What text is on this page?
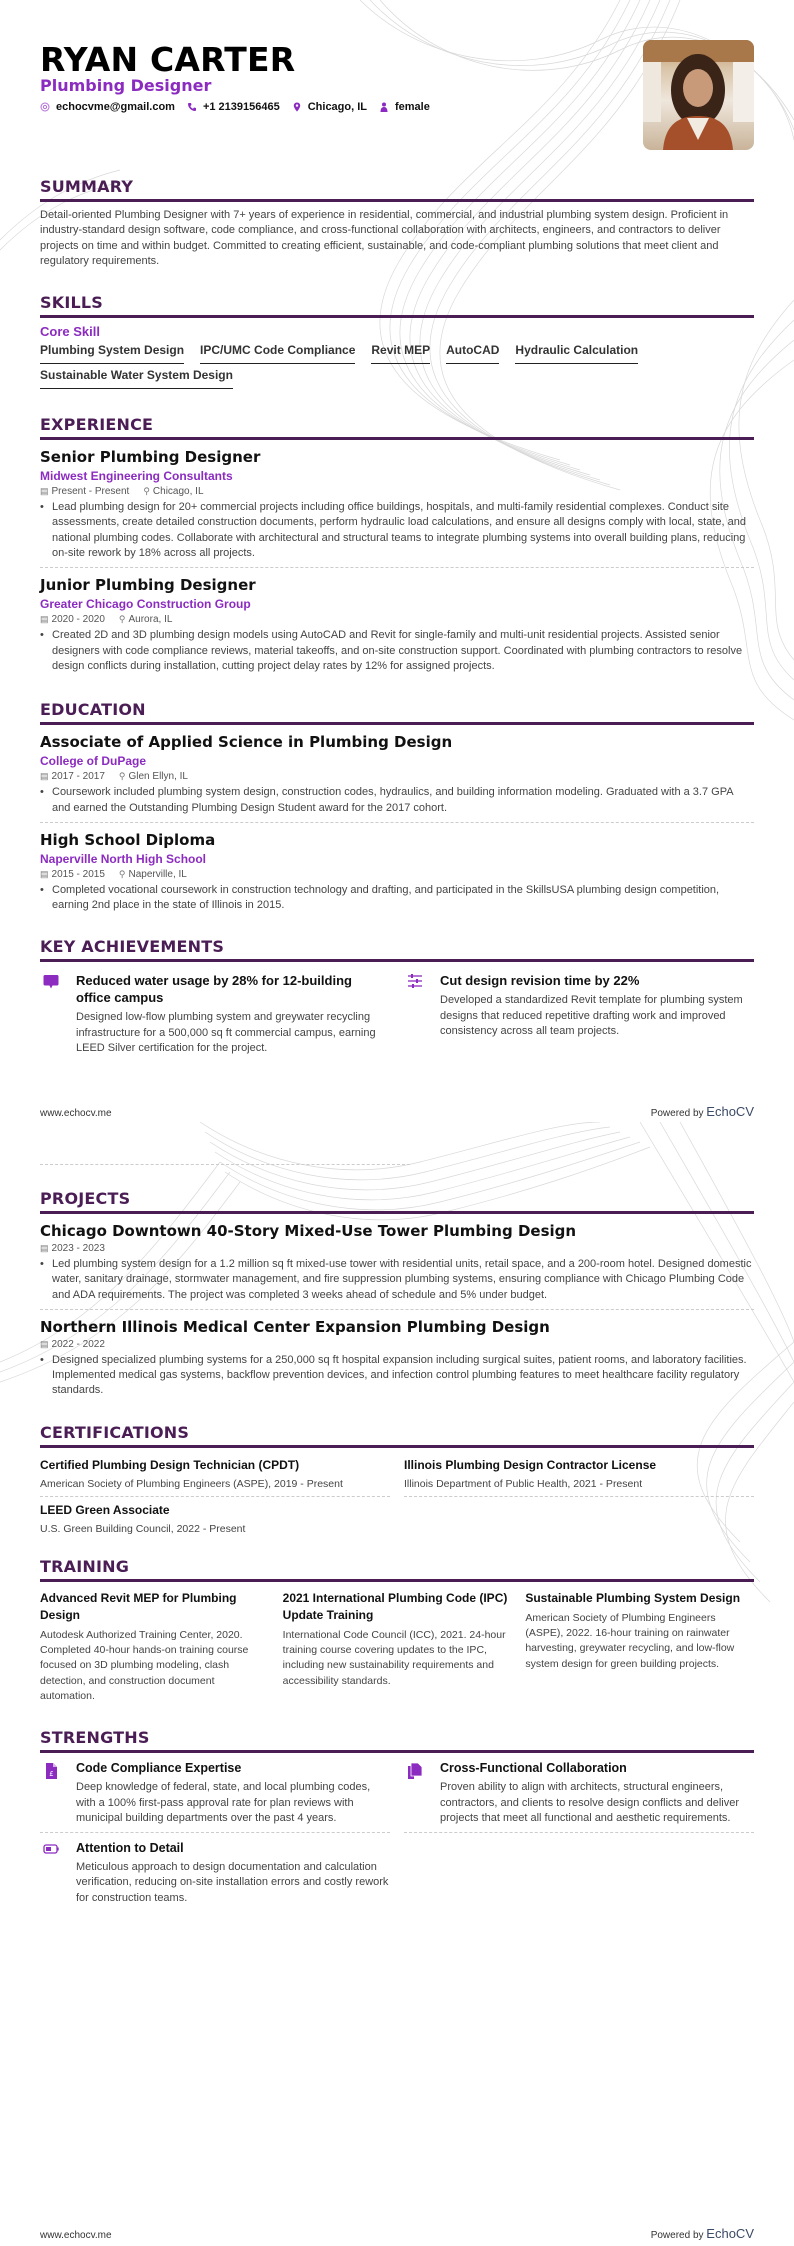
RYAN CARTER
Plumbing Designer
echocvme@gmail.com	+1 2139156465	Chicago, IL	female
SUMMARY
Detail-oriented Plumbing Designer with 7+ years of experience in residential, commercial, and industrial plumbing system design. Proficient in industry-standard design software, code compliance, and cross-functional collaboration with architects, engineers, and contractors to deliver projects on time and within budget. Committed to creating efficient, sustainable, and code-compliant plumbing solutions that meet client and regulatory requirements.
SKILLS
Core Skill
Plumbing System Design IPC/UMC Code Compliance Revit MEP AutoCAD Hydraulic Calculation
Sustainable Water System Design
EXPERIENCE
Senior Plumbing Designer
Midwest Engineering Consultants
▤ Present - Present ⚲ Chicago, IL
• Lead plumbing design for 20+ commercial projects including office buildings, hospitals, and multi-family residential complexes. Conduct site assessments, create detailed construction documents, perform hydraulic load calculations, and ensure all designs comply with local, state, and national plumbing codes. Collaborate with architectural and structural teams to integrate plumbing systems into overall building plans, reducing on-site rework by 18% across all projects.
Junior Plumbing Designer
Greater Chicago Construction Group
▤ 2020 - 2020 ⚲ Aurora, IL
• Created 2D and 3D plumbing design models using AutoCAD and Revit for single-family and multi-unit residential projects. Assisted senior designers with code compliance reviews, material takeoffs, and on-site construction support. Coordinated with plumbing contractors to resolve design conflicts during installation, cutting project delay rates by 12% for assigned projects.
EDUCATION
Associate of Applied Science in Plumbing Design
College of DuPage
▤ 2017 - 2017 ⚲ Glen Ellyn, IL
• Coursework included plumbing system design, construction codes, hydraulics, and building information modeling. Graduated with a 3.7 GPA and earned the Outstanding Plumbing Design Student award for the 2017 cohort.
High School Diploma
Naperville North High School
▤ 2015 - 2015 ⚲ Naperville, IL
• Completed vocational coursework in construction technology and drafting, and participated in the SkillsUSA plumbing design competition, earning 2nd place in the state of Illinois in 2015.
KEY ACHIEVEMENTS
Reduced water usage by 28% for 12-building office campus
Designed low-flow plumbing system and greywater recycling infrastructure for a 500,000 sq ft commercial campus, earning LEED Silver certification for the project.
Cut design revision time by 22%
Developed a standardized Revit template for plumbing system designs that reduced repetitive drafting work and improved consistency across all team projects.
www.echocv.me	Powered by EchoCV
PROJECTS
Chicago Downtown 40-Story Mixed-Use Tower Plumbing Design
▤ 2023 - 2023
• Led plumbing system design for a 1.2 million sq ft mixed-use tower with residential units, retail space, and a 200-room hotel. Designed domestic water, sanitary drainage, stormwater management, and fire suppression plumbing systems, ensuring compliance with Chicago Plumbing Code and ADA requirements. The project was completed 3 weeks ahead of schedule and 5% under budget.
Northern Illinois Medical Center Expansion Plumbing Design
▤ 2022 - 2022
• Designed specialized plumbing systems for a 250,000 sq ft hospital expansion including surgical suites, patient rooms, and laboratory facilities. Implemented medical gas systems, backflow prevention devices, and infection control plumbing features to meet healthcare facility regulatory standards.
CERTIFICATIONS
Certified Plumbing Design Technician (CPDT)
American Society of Plumbing Engineers (ASPE), 2019 - Present
Illinois Plumbing Design Contractor License
Illinois Department of Public Health, 2021 - Present
LEED Green Associate
U.S. Green Building Council, 2022 - Present
TRAINING
Advanced Revit MEP for Plumbing Design
Autodesk Authorized Training Center, 2020. Completed 40-hour hands-on training course focused on 3D plumbing modeling, clash detection, and construction document automation.
2021 International Plumbing Code (IPC) Update Training
International Code Council (ICC), 2021. 24-hour training course covering updates to the IPC, including new sustainability requirements and accessibility standards.
Sustainable Plumbing System Design
American Society of Plumbing Engineers (ASPE), 2022. 16-hour training on rainwater harvesting, greywater recycling, and low-flow system design for green building projects.
STRENGTHS
£ Code Compliance Expertise
Deep knowledge of federal, state, and local plumbing codes, with a 100% first-pass approval rate for plan reviews with municipal building departments over the past 4 years.
Cross-Functional Collaboration
Proven ability to align with architects, structural engineers, contractors, and clients to resolve design conflicts and deliver projects that meet all functional and aesthetic requirements.
Attention to Detail
Meticulous approach to design documentation and calculation verification, reducing on-site installation errors and costly rework for construction teams.
www.echocv.me	Powered by EchoCV
